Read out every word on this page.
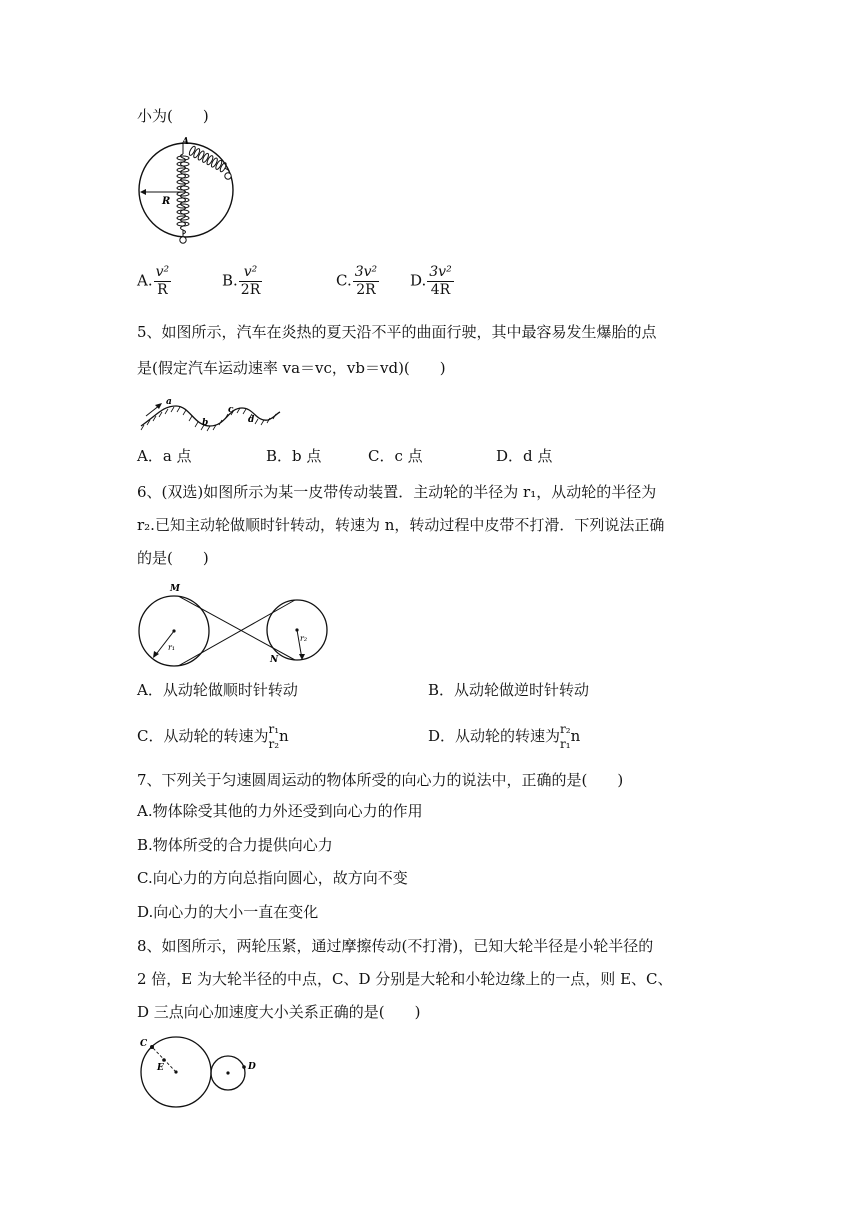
小为(　　)
A
R
A. $\frac{\text{v²}}{R}$	B. $\frac{\text{v²}}{2R}$	C. $\frac{\text{3v²}}{2R} D$. $\frac{\text{3v²}}{4R}$
5、如图所示，汽车在炎热的夏天沿不平的曲面行驶，其中最容易发生爆胎的点
是(假定汽车运动速率 va＝vc，vb＝vd)(　　)
a
b
c
d
A．a 点	B．b 点	C．c 点	D．d 点
6、(双选)如图所示为某一皮带传动装置．主动轮的半径为 r₁，从动轮的半径为
r₂.已知主动轮做顺时针转动，转速为 n，转动过程中皮带不打滑．下列说法正确
的是(　　)
M
N
r₁
r₂
A．从动轮做顺时针转动	B．从动轮做逆时针转动
C．从动轮的转速为 r₁
r₂ n	D．从动轮的转速为 r₂
r₁ n
7、下列关于匀速圆周运动的物体所受的向心力的说法中，正确的是(　　)
A.物体除受其他的力外还受到向心力的作用
B.物体所受的合力提供向心力
C.向心力的方向总指向圆心，故方向不变
D.向心力的大小一直在变化
8、如图所示，两轮压紧，通过摩擦传动(不打滑)，已知大轮半径是小轮半径的
2 倍，E 为大轮半径的中点，C、D 分别是大轮和小轮边缘上的一点，则 E、C、
D 三点向心加速度大小关系正确的是(　　)
C
E	D
